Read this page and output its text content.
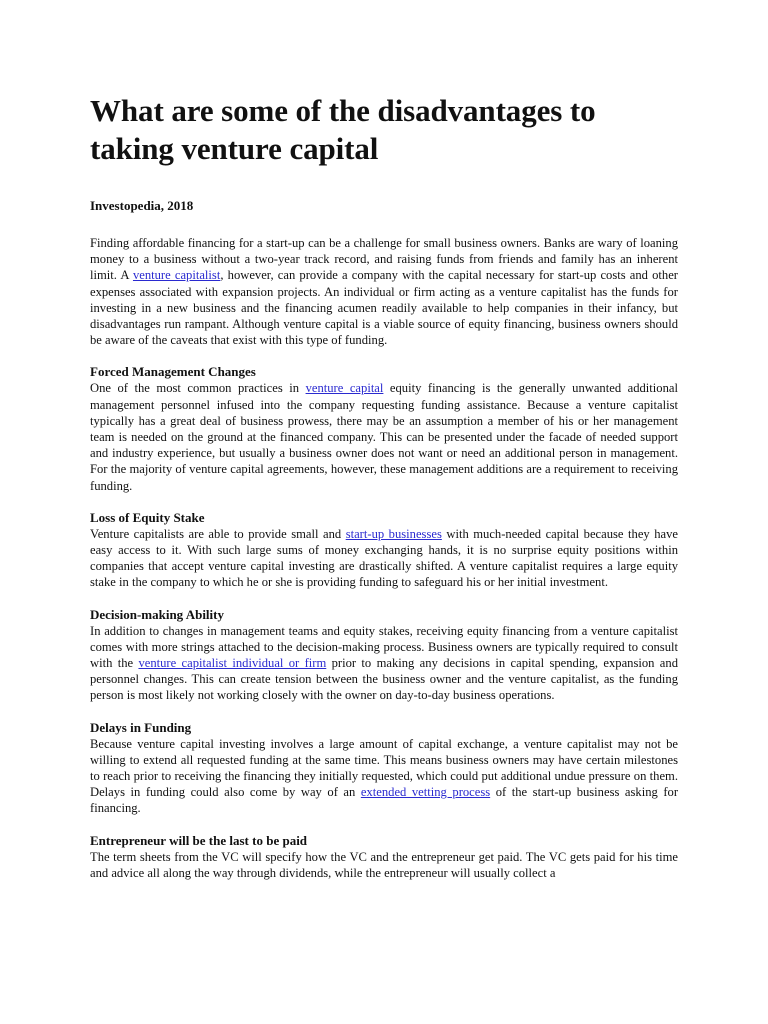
What are some of the disadvantages to taking venture capital
Investopedia, 2018

Finding affordable financing for a start-up can be a challenge for small business owners. Banks are wary of loaning money to a business without a two-year track record, and raising funds from friends and family has an inherent limit. A venture capitalist, however, can provide a company with the capital necessary for start-up costs and other expenses associated with expansion projects. An individual or firm acting as a venture capitalist has the funds for investing in a new business and the financing acumen readily available to help companies in their infancy, but disadvantages run rampant. Although venture capital is a viable source of equity financing, business owners should be aware of the caveats that exist with this type of funding.

Forced Management Changes

One of the most common practices in venture capital equity financing is the generally unwanted additional management personnel infused into the company requesting funding assistance. Because a venture capitalist typically has a great deal of business prowess, there may be an assumption a member of his or her management team is needed on the ground at the financed company. This can be presented under the facade of needed support and industry experience, but usually a business owner does not want or need an additional person in management. For the majority of venture capital agreements, however, these management additions are a requirement to receiving funding.

Loss of Equity Stake

Venture capitalists are able to provide small and start-up businesses with much-needed capital because they have easy access to it. With such large sums of money exchanging hands, it is no surprise equity positions within companies that accept venture capital investing are drastically shifted. A venture capitalist requires a large equity stake in the company to which he or she is providing funding to safeguard his or her initial investment.

Decision-making Ability

In addition to changes in management teams and equity stakes, receiving equity financing from a venture capitalist comes with more strings attached to the decision-making process. Business owners are typically required to consult with the venture capitalist individual or firm prior to making any decisions in capital spending, expansion and personnel changes. This can create tension between the business owner and the venture capitalist, as the funding person is most likely not working closely with the owner on day-to-day business operations.

Delays in Funding

Because venture capital investing involves a large amount of capital exchange, a venture capitalist may not be willing to extend all requested funding at the same time. This means business owners may have certain milestones to reach prior to receiving the financing they initially requested, which could put additional undue pressure on them. Delays in funding could also come by way of an extended vetting process of the start-up business asking for financing.

Entrepreneur will be the last to be paid

The term sheets from the VC will specify how the VC and the entrepreneur get paid. The VC gets paid for his time and advice all along the way through dividends, while the entrepreneur will usually collect a
